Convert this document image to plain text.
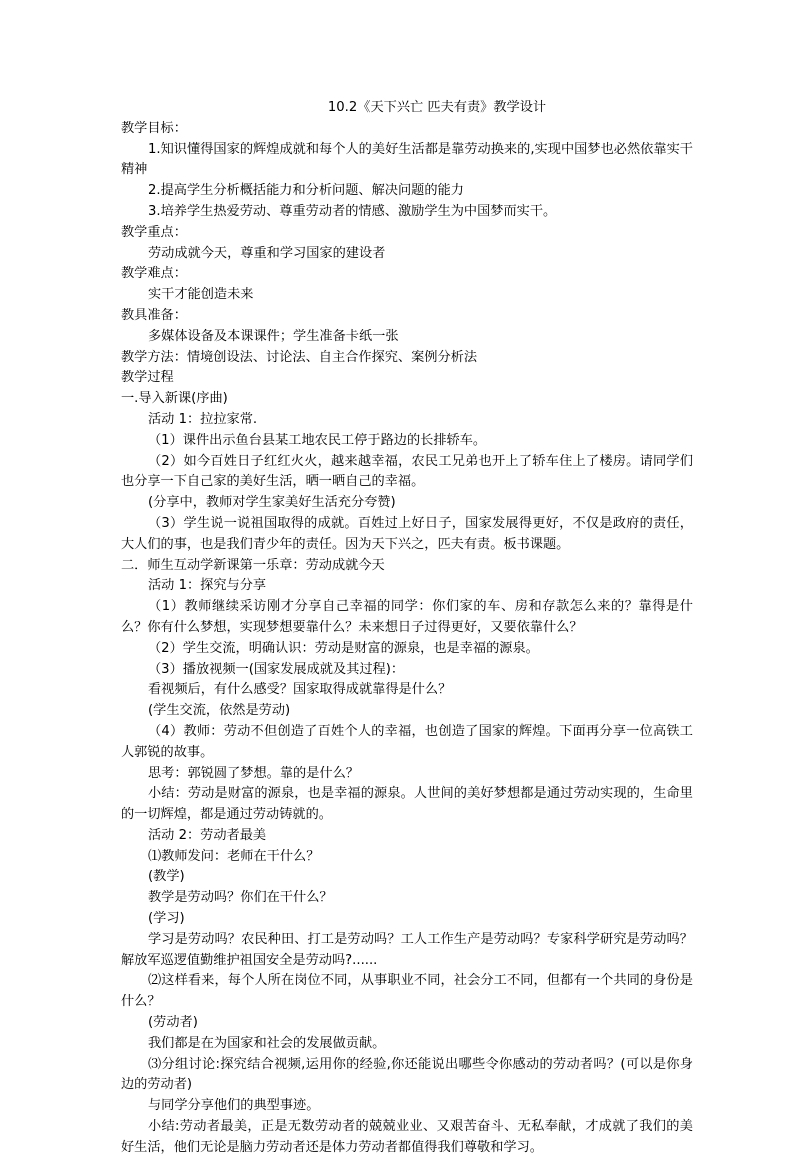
10.2《天下兴亡 匹夫有责》教学设计
教学目标：
1.知识懂得国家的辉煌成就和每个人的美好生活都是靠劳动换来的,实现中国梦也必然依靠实干精神
2.提高学生分析概括能力和分析问题、解决问题的能力
3.培养学生热爱劳动、尊重劳动者的情感、激励学生为中国梦而实干。
教学重点：
劳动成就今天，尊重和学习国家的建设者
教学难点：
实干才能创造未来
教具准备：
多媒体设备及本课课件；学生准备卡纸一张
教学方法：情境创设法、讨论法、自主合作探究、案例分析法
教学过程
一.导入新课(序曲)
活动 1：拉拉家常.
（1）课件出示鱼台县某工地农民工停于路边的长排轿车。
（2）如今百姓日子红红火火，越来越幸福，农民工兄弟也开上了轿车住上了楼房。请同学们也分享一下自己家的美好生活，晒一晒自己的幸福。
(分享中，教师对学生家美好生活充分夸赞)
（3）学生说一说祖国取得的成就。百姓过上好日子，国家发展得更好，不仅是政府的责任，大人们的事，也是我们青少年的责任。因为天下兴之，匹夫有责。板书课题。
二．师生互动学新课第一乐章：劳动成就今天
活动 1：探究与分享
（1）教师继续采访刚才分享自己幸福的同学：你们家的车、房和存款怎么来的？靠得是什么？你有什么梦想，实现梦想要靠什么？未来想日子过得更好，又要依靠什么？
（2）学生交流，明确认识：劳动是财富的源泉，也是幸福的源泉。
（3）播放视频一(国家发展成就及其过程)：
看视频后，有什么感受？国家取得成就靠得是什么？
(学生交流，依然是劳动)
（4）教师：劳动不但创造了百姓个人的幸福，也创造了国家的辉煌。下面再分享一位高铁工人郭锐的故事。
思考：郭锐圆了梦想。靠的是什么？
小结：劳动是财富的源泉，也是幸福的源泉。人世间的美好梦想都是通过劳动实现的，生命里的一切辉煌，都是通过劳动铸就的。
活动 2：劳动者最美
⑴教师发问：老师在干什么？
(教学)
教学是劳动吗？你们在干什么？
(学习)
学习是劳动吗？农民种田、打工是劳动吗？工人工作生产是劳动吗？专家科学研究是劳动吗？解放军巡逻值勤维护祖国安全是劳动吗?......
⑵这样看来，每个人所在岗位不同，从事职业不同，社会分工不同，但都有一个共同的身份是什么？
(劳动者)
我们都是在为国家和社会的发展做贡献。
⑶分组讨论:探究结合视频,运用你的经验,你还能说出哪些令你感动的劳动者吗？(可以是你身边的劳动者)
与同学分享他们的典型事迹。
小结:劳动者最美，正是无数劳动者的兢兢业业、又艰苦奋斗、无私奉献，才成就了我们的美好生活，他们无论是脑力劳动者还是体力劳动者都值得我们尊敬和学习。
